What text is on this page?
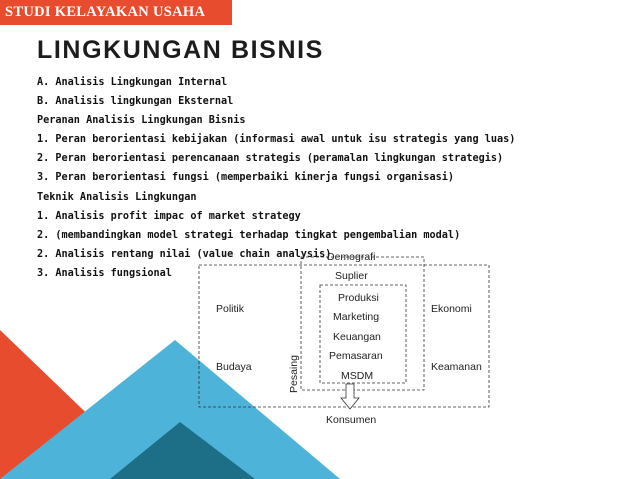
STUDI KELAYAKAN USAHA
LINGKUNGAN BISNIS
A. Analisis Lingkungan Internal
B. Analisis lingkungan Eksternal
Peranan Analisis Lingkungan Bisnis
1. Peran berorientasi kebijakan (informasi awal untuk isu strategis yang luas)
2. Peran berorientasi perencanaan strategis (peramalan lingkungan strategis)
3. Peran berorientasi fungsi (memperbaiki kinerja fungsi organisasi)
Teknik Analisis Lingkungan
1. Analisis profit impac of market strategy
2. (membandingkan model strategi terhadap tingkat pengembalian modal)
2. Analisis rentang nilai (value chain analysis)
3. Analisis fungsional
Politik
Budaya
Ekonomi
Keamanan
Demografi
Suplier
Produksi
Marketing
Keuangan
Pemasaran
MSDM
Pesaing
Konsumen
